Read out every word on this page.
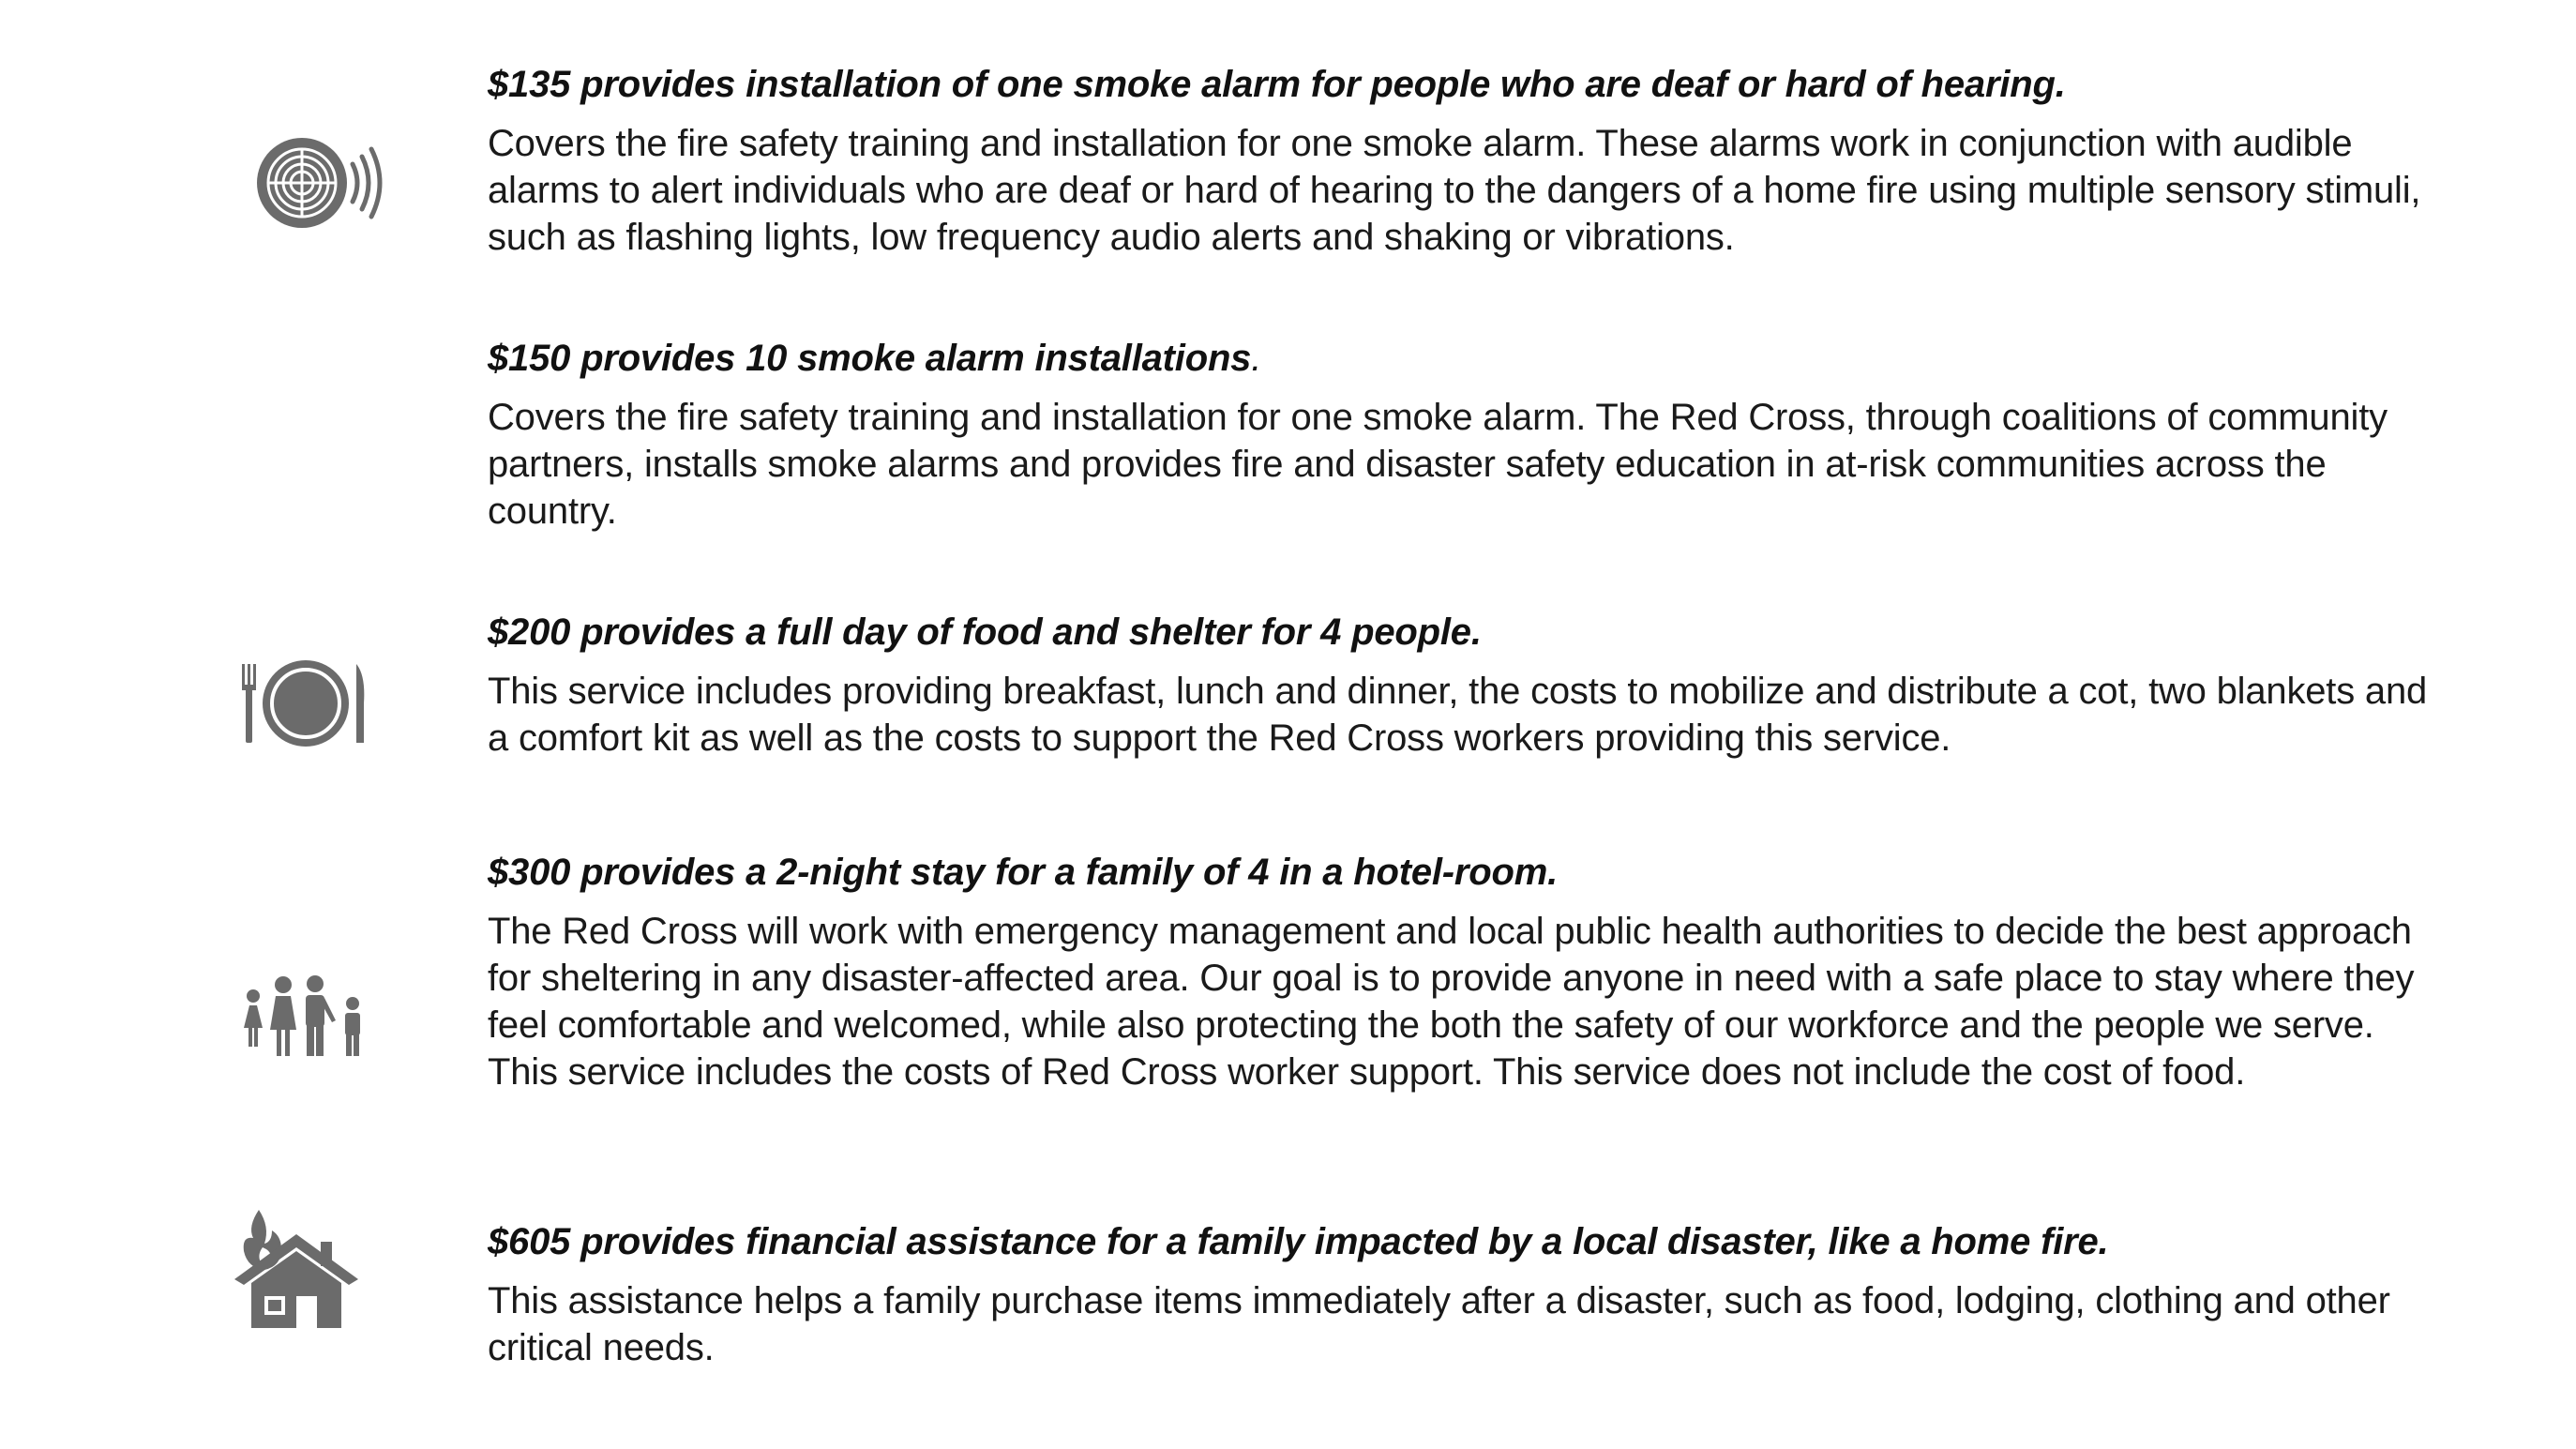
$135 provides installation of one smoke alarm for people who are deaf or hard of hearing.

Covers the fire safety training and installation for one smoke alarm. These alarms work in conjunction with audible alarms to alert individuals who are deaf or hard of hearing to the dangers of a home fire using multiple sensory stimuli, such as flashing lights, low frequency audio alerts and shaking or vibrations.

$150 provides 10 smoke alarm installations.

Covers the fire safety training and installation for one smoke alarm. The Red Cross, through coalitions of community partners, installs smoke alarms and provides fire and disaster safety education in at-risk communities across the country.

$200 provides a full day of food and shelter for 4 people.

This service includes providing breakfast, lunch and dinner, the costs to mobilize and distribute a cot, two blankets and a comfort kit as well as the costs to support the Red Cross workers providing this service.

$300 provides a 2-night stay for a family of 4 in a hotel-room.

The Red Cross will work with emergency management and local public health authorities to decide the best approach for sheltering in any disaster-affected area. Our goal is to provide anyone in need with a safe place to stay where they feel comfortable and welcomed, while also protecting the both the safety of our workforce and the people we serve. This service includes the costs of Red Cross worker support. This service does not include the cost of food.

$605 provides financial assistance for a family impacted by a local disaster, like a home fire.

This assistance helps a family purchase items immediately after a disaster, such as food, lodging, clothing and other critical needs.
